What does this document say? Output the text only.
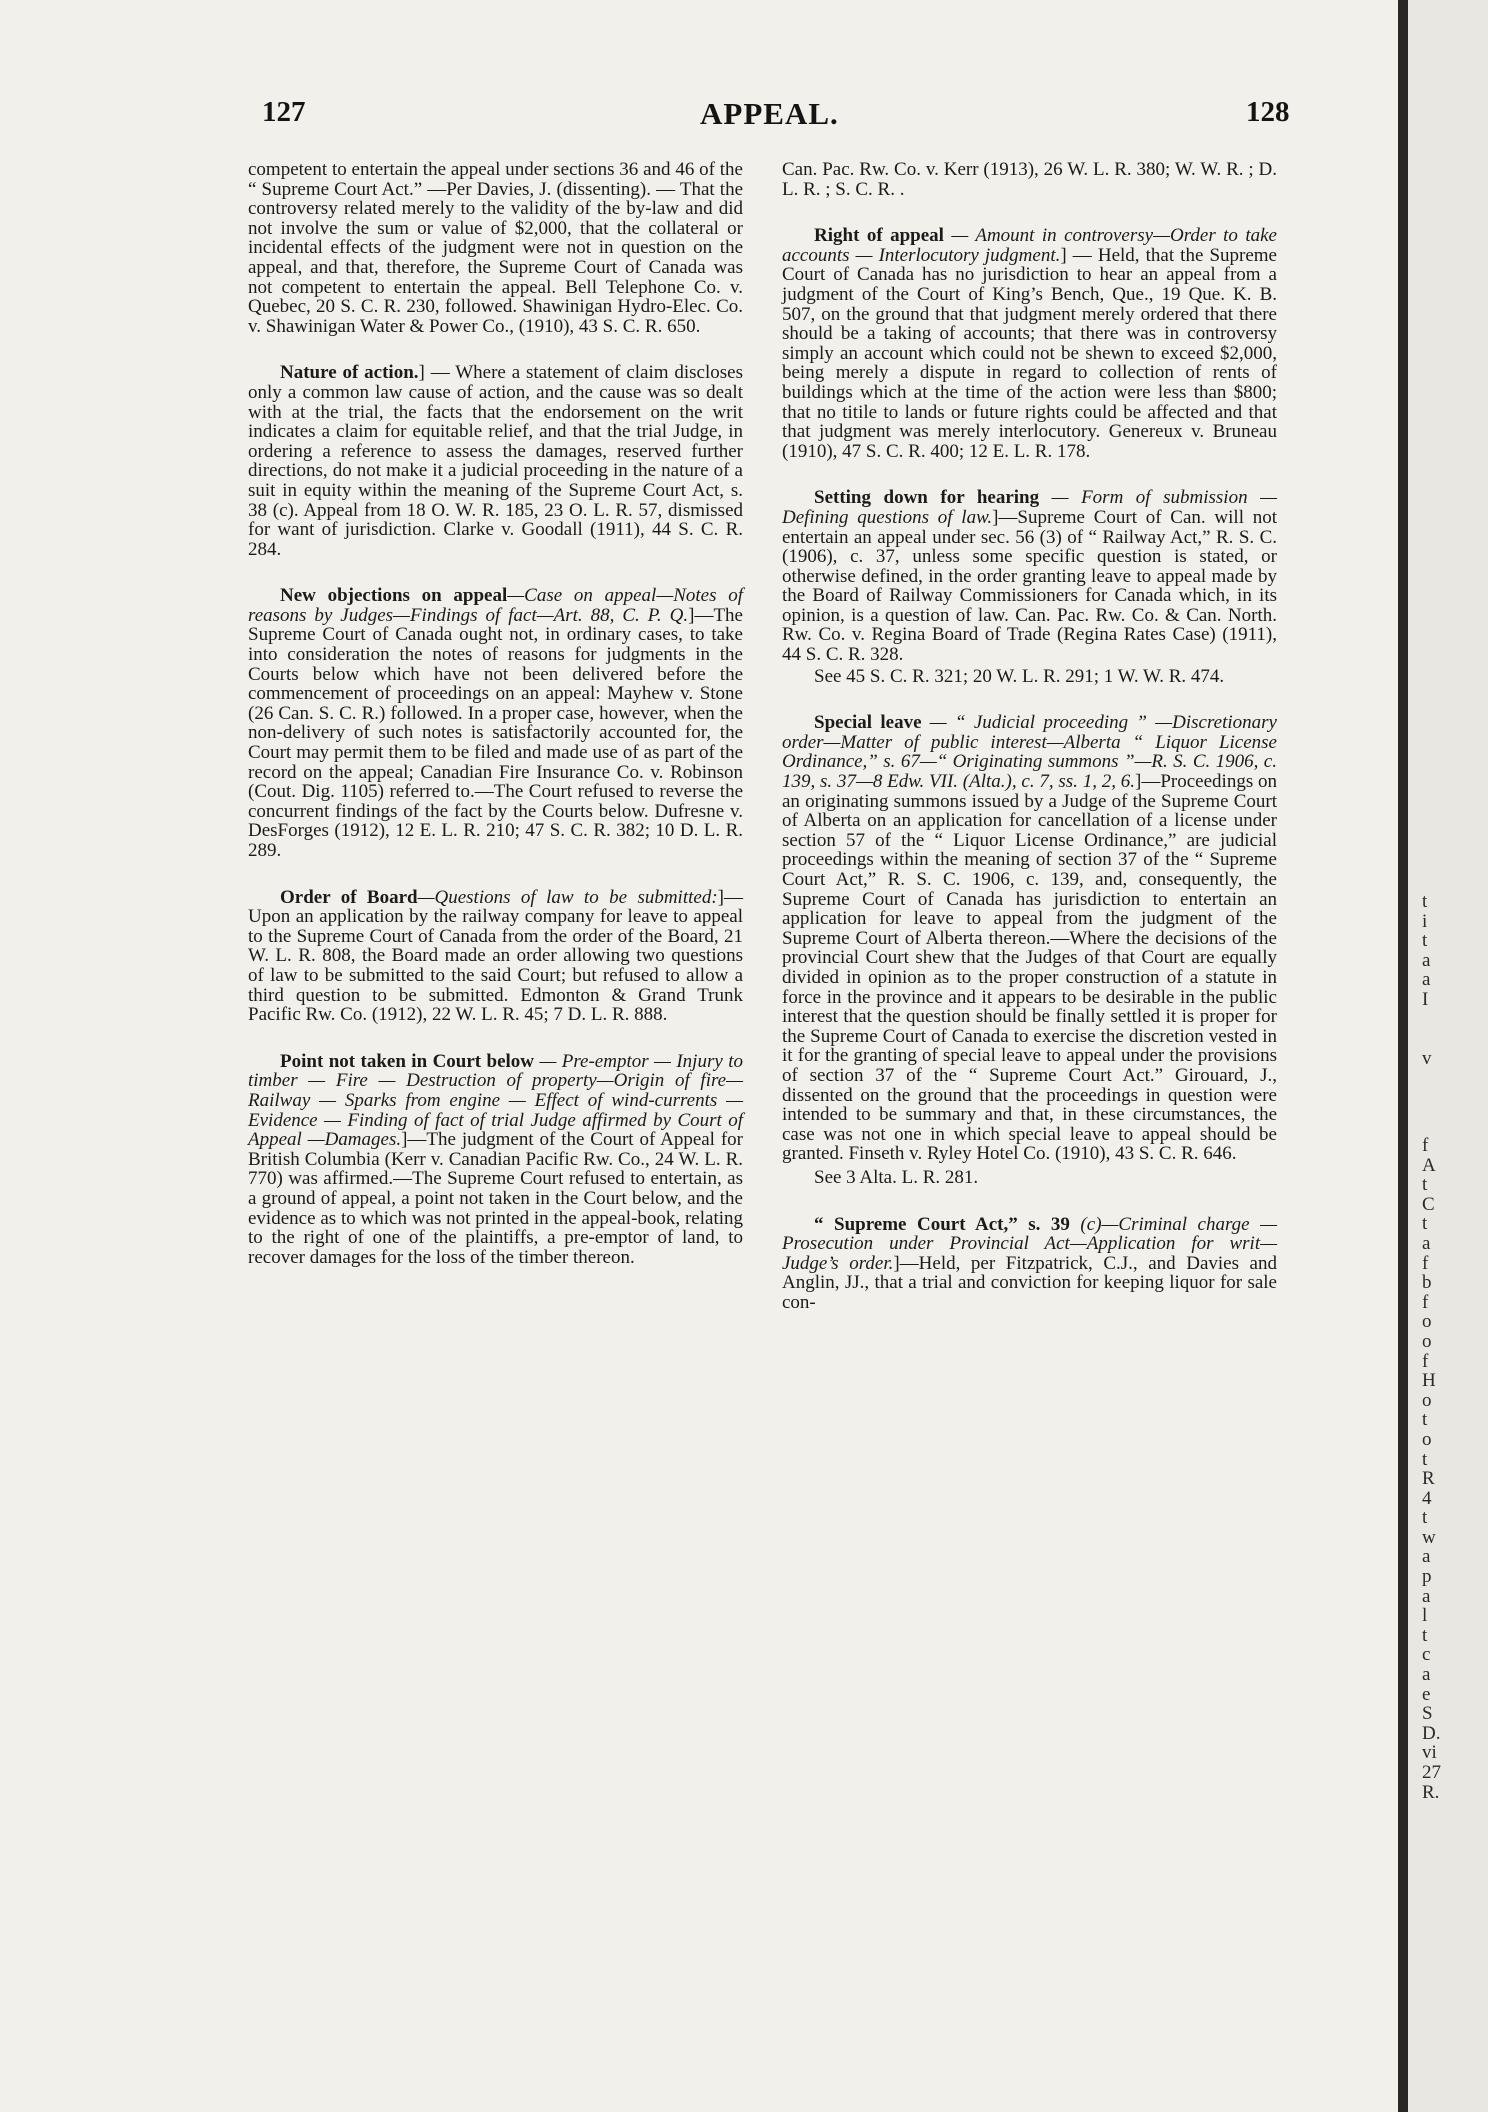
127	APPEAL.	128

competent to entertain the appeal under sections 36 and 46 of the “ Supreme Court Act.” —Per Davies, J. (dissenting). — That the controversy related merely to the validity of the by-law and did not involve the sum or value of $2,000, that the collateral or incidental effects of the judgment were not in question on the appeal, and that, therefore, the Supreme Court of Canada was not competent to entertain the appeal. Bell Telephone Co. v. Quebec, 20 S. C. R. 230, followed. Shawinigan Hydro-Elec. Co. v. Shawinigan Water & Power Co., (1910), 43 S. C. R. 650.

Nature of action.] — Where a statement of claim discloses only a common law cause of action, and the cause was so dealt with at the trial, the facts that the endorsement on the writ indicates a claim for equitable relief, and that the trial Judge, in ordering a reference to assess the damages, reserved further directions, do not make it a judicial proceeding in the nature of a suit in equity within the meaning of the Supreme Court Act, s. 38 (c). Appeal from 18 O. W. R. 185, 23 O. L. R. 57, dismissed for want of jurisdiction. Clarke v. Goodall (1911), 44 S. C. R. 284.

New objections on appeal—Case on appeal—Notes of reasons by Judges—Findings of fact—Art. 88, C. P. Q.]—The Supreme Court of Canada ought not, in ordinary cases, to take into consideration the notes of reasons for judgments in the Courts below which have not been delivered before the commencement of proceedings on an appeal: Mayhew v. Stone (26 Can. S. C. R.) followed. In a proper case, however, when the non-delivery of such notes is satisfactorily accounted for, the Court may permit them to be filed and made use of as part of the record on the appeal; Canadian Fire Insurance Co. v. Robinson (Cout. Dig. 1105) referred to.—The Court refused to reverse the concurrent findings of the fact by the Courts below. Dufresne v. DesForges (1912), 12 E. L. R. 210; 47 S. C. R. 382; 10 D. L. R. 289.

Order of Board—Questions of law to be submitted:]—Upon an application by the railway company for leave to appeal to the Supreme Court of Canada from the order of the Board, 21 W. L. R. 808, the Board made an order allowing two questions of law to be submitted to the said Court; but refused to allow a third question to be submitted. Edmonton & Grand Trunk Pacific Rw. Co. (1912), 22 W. L. R. 45; 7 D. L. R. 888.

Point not taken in Court below — Pre-emptor — Injury to timber — Fire — Destruction of property—Origin of fire—Railway — Sparks from engine — Effect of wind-currents — Evidence — Finding of fact of trial Judge affirmed by Court of Appeal —Damages.]—The judgment of the Court of Appeal for British Columbia (Kerr v. Canadian Pacific Rw. Co., 24 W. L. R. 770) was affirmed.—The Supreme Court refused to entertain, as a ground of appeal, a point not taken in the Court below, and the evidence as to which was not printed in the appeal-book, relating to the right of one of the plaintiffs, a pre-emptor of land, to recover damages for the loss of the timber thereon.

Can. Pac. Rw. Co. v. Kerr (1913), 26 W. L. R. 380; W. W. R. ; D. L. R. ; S. C. R. .

Right of appeal — Amount in controversy—Order to take accounts — Interlocutory judgment.] — Held, that the Supreme Court of Canada has no jurisdiction to hear an appeal from a judgment of the Court of King’s Bench, Que., 19 Que. K. B. 507, on the ground that that judgment merely ordered that there should be a taking of accounts; that there was in controversy simply an account which could not be shewn to exceed $2,000, being merely a dispute in regard to collection of rents of buildings which at the time of the action were less than $800; that no titile to lands or future rights could be affected and that that judgment was merely interlocutory. Genereux v. Bruneau (1910), 47 S. C. R. 400; 12 E. L. R. 178.

Setting down for hearing — Form of submission — Defining questions of law.]—Supreme Court of Can. will not entertain an appeal under sec. 56 (3) of “ Railway Act,” R. S. C. (1906), c. 37, unless some specific question is stated, or otherwise defined, in the order granting leave to appeal made by the Board of Railway Commissioners for Canada which, in its opinion, is a question of law. Can. Pac. Rw. Co. & Can. North. Rw. Co. v. Regina Board of Trade (Regina Rates Case) (1911), 44 S. C. R. 328.

See 45 S. C. R. 321; 20 W. L. R. 291; 1 W. W. R. 474.

Special leave — “ Judicial proceeding ” —Discretionary order—Matter of public interest—Alberta “ Liquor License Ordinance,” s. 67—“ Originating summons ”—R. S. C. 1906, c. 139, s. 37—8 Edw. VII. (Alta.), c. 7, ss. 1, 2, 6.]—Proceedings on an originating summons issued by a Judge of the Supreme Court of Alberta on an application for cancellation of a license under section 57 of the “ Liquor License Ordinance,” are judicial proceedings within the meaning of section 37 of the “ Supreme Court Act,” R. S. C. 1906, c. 139, and, consequently, the Supreme Court of Canada has jurisdiction to entertain an application for leave to appeal from the judgment of the Supreme Court of Alberta thereon.—Where the decisions of the provincial Court shew that the Judges of that Court are equally divided in opinion as to the proper construction of a statute in force in the province and it appears to be desirable in the public interest that the question should be finally settled it is proper for the Supreme Court of Canada to exercise the discretion vested in it for the granting of special leave to appeal under the provisions of section 37 of the “ Supreme Court Act.” Girouard, J., dissented on the ground that the proceedings in question were intended to be summary and that, in these circumstances, the case was not one in which special leave to appeal should be granted. Finseth v. Ryley Hotel Co. (1910), 43 S. C. R. 646.

See 3 Alta. L. R. 281.

“ Supreme Court Act,” s. 39 (c)—Criminal charge — Prosecution under Provincial Act—Application for writ—Judge’s order.]—Held, per Fitzpatrick, C.J., and Davies and Anglin, JJ., that a trial and conviction for keeping liquor for sale con-

t
i
t
a
a
I

v
f
A
t
C
t
a
f
b
f
o
o
f
H
o
t
o
t
R
4
t
w
a
p
a
l
t
c
a
e
S
D.
vi
27
R.
